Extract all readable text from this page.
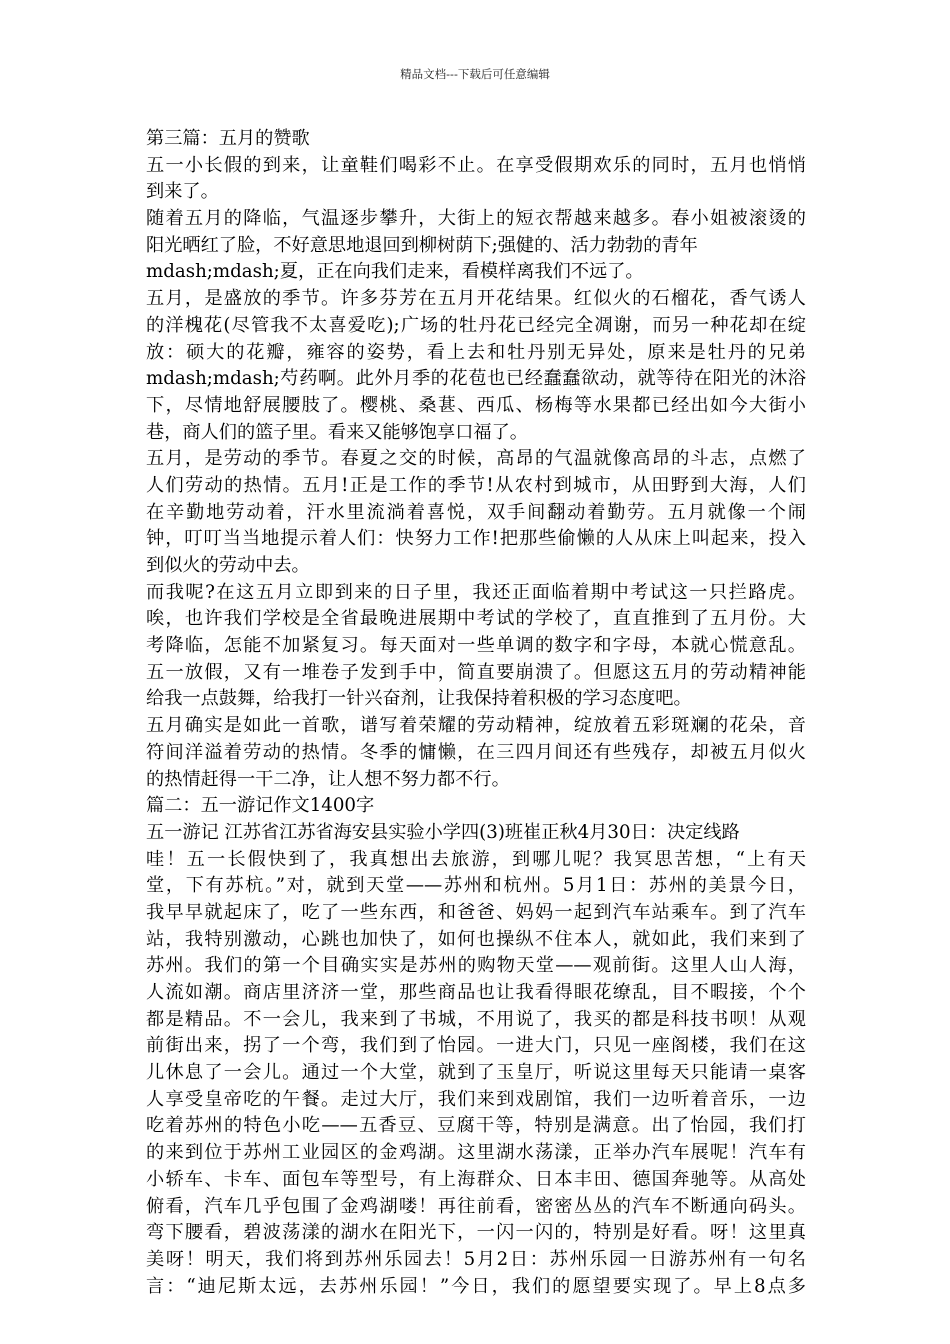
精品文档---下载后可任意编辑
第三篇：五月的赞歌
五一小长假的到来，让童鞋们喝彩不止。在享受假期欢乐的同时，五月也悄悄
到来了。
随着五月的降临，气温逐步攀升，大街上的短衣帮越来越多。春小姐被滚烫的
阳光晒红了脸，不好意思地退回到柳树荫下;强健的、活力勃勃的青年
mdash;mdash;夏，正在向我们走来，看模样离我们不远了。
五月，是盛放的季节。许多芬芳在五月开花结果。红似火的石榴花，香气诱人
的洋槐花(尽管我不太喜爱吃);广场的牡丹花已经完全凋谢，而另一种花却在绽
放：硕大的花瓣，雍容的姿势，看上去和牡丹别无异处，原来是牡丹的兄弟
mdash;mdash;芍药啊。此外月季的花苞也已经蠢蠢欲动，就等待在阳光的沐浴
下，尽情地舒展腰肢了。樱桃、桑葚、西瓜、杨梅等水果都已经出如今大街小
巷，商人们的篮子里。看来又能够饱享口福了。
五月，是劳动的季节。春夏之交的时候，高昂的气温就像高昂的斗志，点燃了
人们劳动的热情。五月!正是工作的季节!从农村到城市，从田野到大海，人们
在辛勤地劳动着，汗水里流淌着喜悦，双手间翻动着勤劳。五月就像一个闹
钟，叮叮当当地提示着人们：快努力工作!把那些偷懒的人从床上叫起来，投入
到似火的劳动中去。
而我呢?在这五月立即到来的日子里，我还正面临着期中考试这一只拦路虎。
唉，也许我们学校是全省最晚进展期中考试的学校了，直直推到了五月份。大
考降临，怎能不加紧复习。每天面对一些单调的数字和字母，本就心慌意乱。
五一放假，又有一堆卷子发到手中，简直要崩溃了。但愿这五月的劳动精神能
给我一点鼓舞，给我打一针兴奋剂，让我保持着积极的学习态度吧。
五月确实是如此一首歌，谱写着荣耀的劳动精神，绽放着五彩斑斓的花朵，音
符间洋溢着劳动的热情。冬季的慵懒，在三四月间还有些残存，却被五月似火
的热情赶得一干二净，让人想不努力都不行。
篇二：五一游记作文1400字
五一游记 江苏省江苏省海安县实验小学四(3)班崔正秋4月30日：决定线路
哇！五一长假快到了，我真想出去旅游，到哪儿呢？我冥思苦想，“上有天
堂，下有苏杭。”对，就到天堂——苏州和杭州。5月1日：苏州的美景今日，
我早早就起床了，吃了一些东西，和爸爸、妈妈一起到汽车站乘车。到了汽车
站，我特别激动，心跳也加快了，如何也操纵不住本人，就如此，我们来到了
苏州。我们的第一个目确实实是苏州的购物天堂——观前街。这里人山人海，
人流如潮。商店里济济一堂，那些商品也让我看得眼花缭乱，目不暇接，个个
都是精品。不一会儿，我来到了书城，不用说了，我买的都是科技书呗！从观
前街出来，拐了一个弯，我们到了怡园。一进大门，只见一座阁楼，我们在这
儿休息了一会儿。通过一个大堂，就到了玉皇厅，听说这里每天只能请一桌客
人享受皇帝吃的午餐。走过大厅，我们来到戏剧馆，我们一边听着音乐，一边
吃着苏州的特色小吃——五香豆、豆腐干等，特别是满意。出了怡园，我们打
的来到位于苏州工业园区的金鸡湖。这里湖水荡漾，正举办汽车展呢！汽车有
小轿车、卡车、面包车等型号，有上海群众、日本丰田、德国奔驰等。从高处
俯看，汽车几乎包围了金鸡湖喽！再往前看，密密丛丛的汽车不断通向码头。
弯下腰看，碧波荡漾的湖水在阳光下，一闪一闪的，特别是好看。呀！这里真
美呀！明天，我们将到苏州乐园去！5月2日：苏州乐园一日游苏州有一句名
言：“迪尼斯太远，去苏州乐园！”今日，我们的愿望要实现了。早上8点多
